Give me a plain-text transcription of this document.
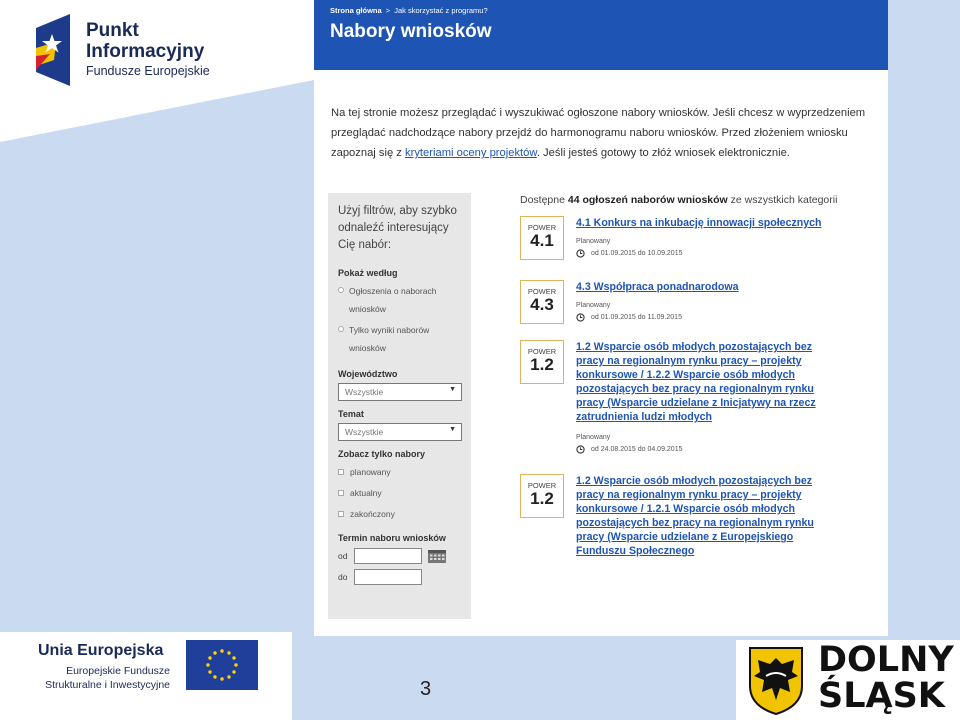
Punkt
Informacyjny
Fundusze Europejskie
Strona główna > Jak skorzystać z programu?
Nabory wniosków
Na tej stronie możesz przeglądać i wyszukiwać ogłoszone nabory wniosków. Jeśli chcesz w wyprzedzeniem przeglądać nadchodzące nabory przejdź do harmonogramu naboru wniosków. Przed złożeniem wniosku zapoznaj się z kryteriami oceny projektów. Jeśli jesteś gotowy to złóż wniosek elektronicznie.
Użyj filtrów, aby szybko odnaleźć interesujący Cię nabór:
Pokaż według
Ogłoszenia o naborach wniosków
Tylko wyniki naborów wniosków
Województwo
Wszystkie	▼
Temat
Wszystkie	▼
Zobacz tylko nabory
planowany
aktualny
zakończony
Termin naboru wniosków
od
do
Dostępne 44 ogłoszeń naborów wniosków ze wszystkich kategorii
POWER
4.1
4.1 Konkurs na inkubację innowacji społecznych
Planowany
od 01.09.2015 do 10.09.2015
POWER
4.3
4.3 Współpraca ponadnarodowa
Planowany
od 01.09.2015 do 11.09.2015
POWER
1.2
1.2 Wsparcie osób młodych pozostających bez pracy na regionalnym rynku pracy – projekty konkursowe / 1.2.2 Wsparcie osób młodych pozostających bez pracy na regionalnym rynku pracy (Wsparcie udzielane z Inicjatywy na rzecz zatrudnienia ludzi młodych
Planowany
od 24.08.2015 do 04.09.2015
POWER
1.2
1.2 Wsparcie osób młodych pozostających bez pracy na regionalnym rynku pracy – projekty konkursowe / 1.2.1 Wsparcie osób młodych pozostających bez pracy na regionalnym rynku pracy (Wsparcie udzielane z Europejskiego Funduszu Społecznego
Unia Europejska
Europejskie Fundusze
Strukturalne i Inwestycyjne	3
DOLNY
ŚLĄSK
